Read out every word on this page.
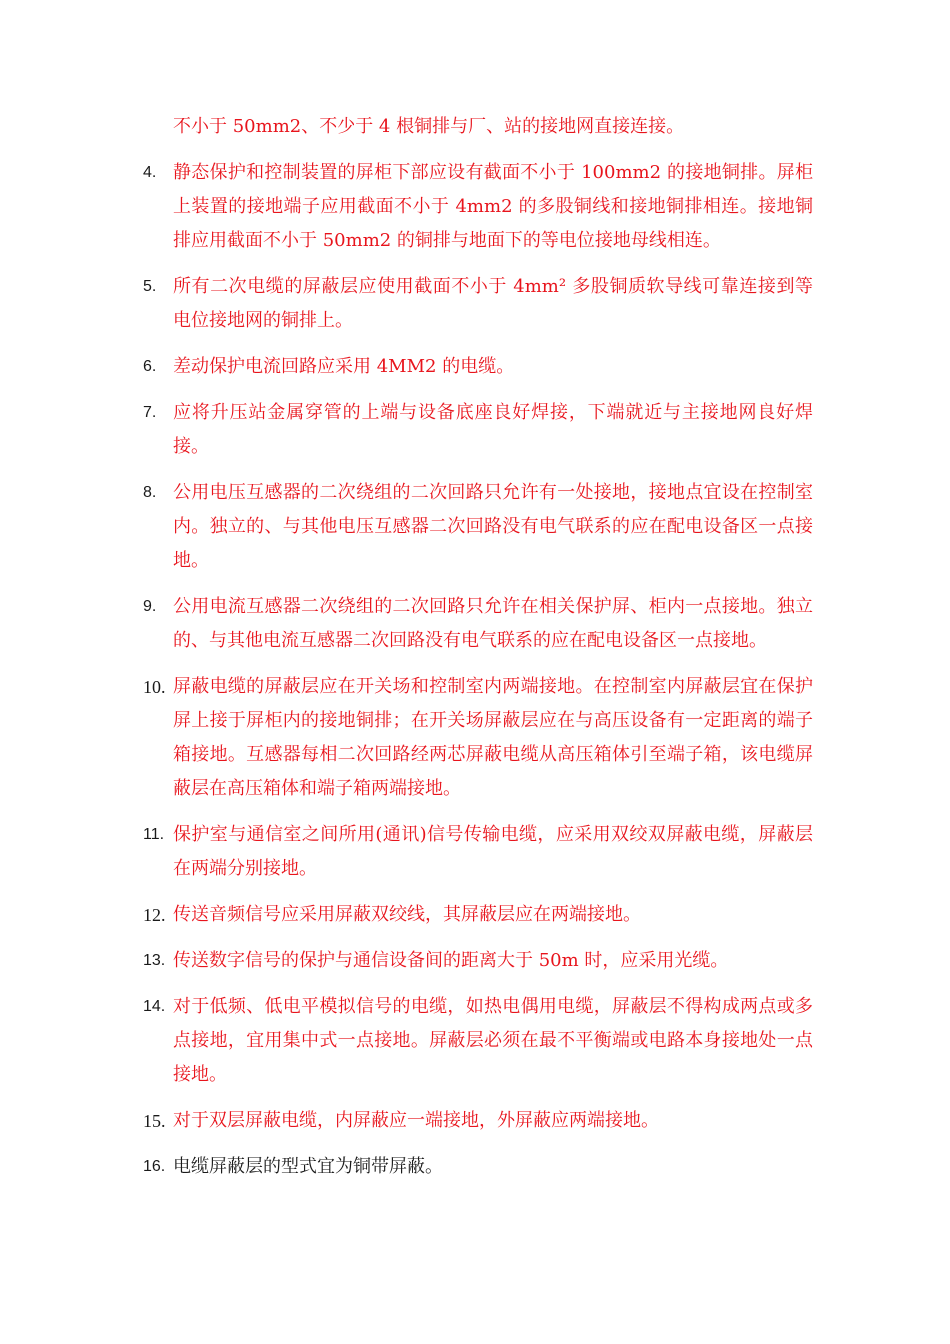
不小于 50mm2、不少于 4 根铜排与厂、站的接地网直接连接。
4. 静态保护和控制装置的屏柜下部应设有截面不小于 100mm2 的接地铜排。屏柜上装置的接地端子应用截面不小于 4mm2 的多股铜线和接地铜排相连。接地铜排应用截面不小于 50mm2 的铜排与地面下的等电位接地母线相连。
5. 所有二次电缆的屏蔽层应使用截面不小于 4mm² 多股铜质软导线可靠连接到等电位接地网的铜排上。
6. 差动保护电流回路应采用 4MM2 的电缆。
7. 应将升压站金属穿管的上端与设备底座良好焊接，下端就近与主接地网良好焊接。
8. 公用电压互感器的二次绕组的二次回路只允许有一处接地，接地点宜设在控制室内。独立的、与其他电压互感器二次回路没有电气联系的应在配电设备区一点接地。
9. 公用电流互感器二次绕组的二次回路只允许在相关保护屏、柜内一点接地。独立的、与其他电流互感器二次回路没有电气联系的应在配电设备区一点接地。
10. 屏蔽电缆的屏蔽层应在开关场和控制室内两端接地。在控制室内屏蔽层宜在保护屏上接于屏柜内的接地铜排；在开关场屏蔽层应在与高压设备有一定距离的端子箱接地。互感器每相二次回路经两芯屏蔽电缆从高压箱体引至端子箱，该电缆屏蔽层在高压箱体和端子箱两端接地。
11. 保护室与通信室之间所用(通讯)信号传输电缆，应采用双绞双屏蔽电缆，屏蔽层在两端分别接地。
12. 传送音频信号应采用屏蔽双绞线，其屏蔽层应在两端接地。
13. 传送数字信号的保护与通信设备间的距离大于 50m 时，应采用光缆。
14. 对于低频、低电平模拟信号的电缆，如热电偶用电缆，屏蔽层不得构成两点或多点接地，宜用集中式一点接地。屏蔽层必须在最不平衡端或电路本身接地处一点接地。
15. 对于双层屏蔽电缆，内屏蔽应一端接地，外屏蔽应两端接地。
16. 电缆屏蔽层的型式宜为铜带屏蔽。
